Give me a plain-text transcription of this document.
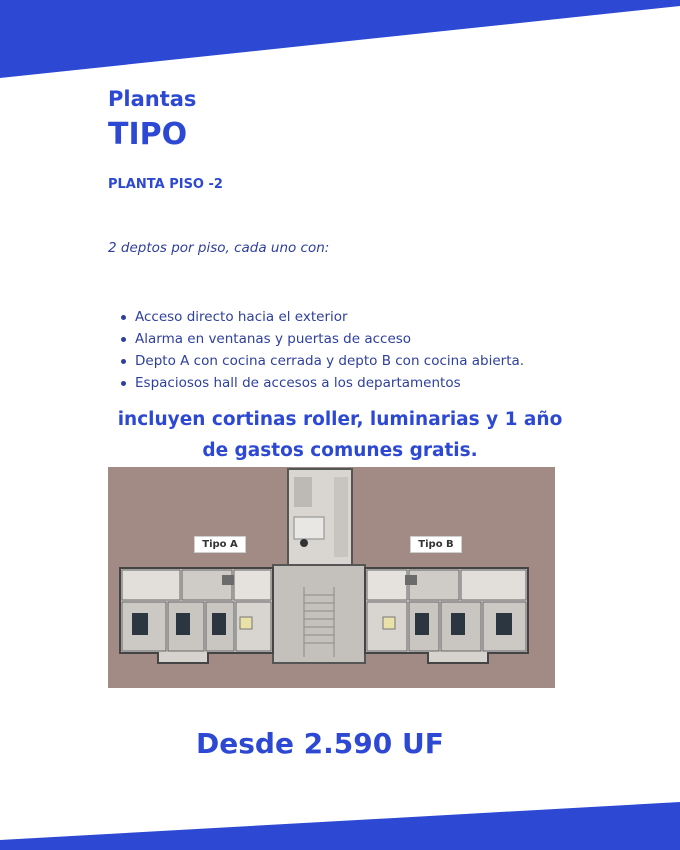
Plantas
TIPO
PLANTA PISO -2
2 deptos por piso, cada uno con:
Acceso directo hacia el exterior
Alarma en ventanas y puertas de acceso
Depto A con cocina cerrada y depto B con cocina abierta.
Espaciosos hall de accesos a los departamentos
incluyen cortinas roller, luminarias y 1 año
de gastos comunes gratis.
Tipo A	Tipo B
Desde 2.590 UF
